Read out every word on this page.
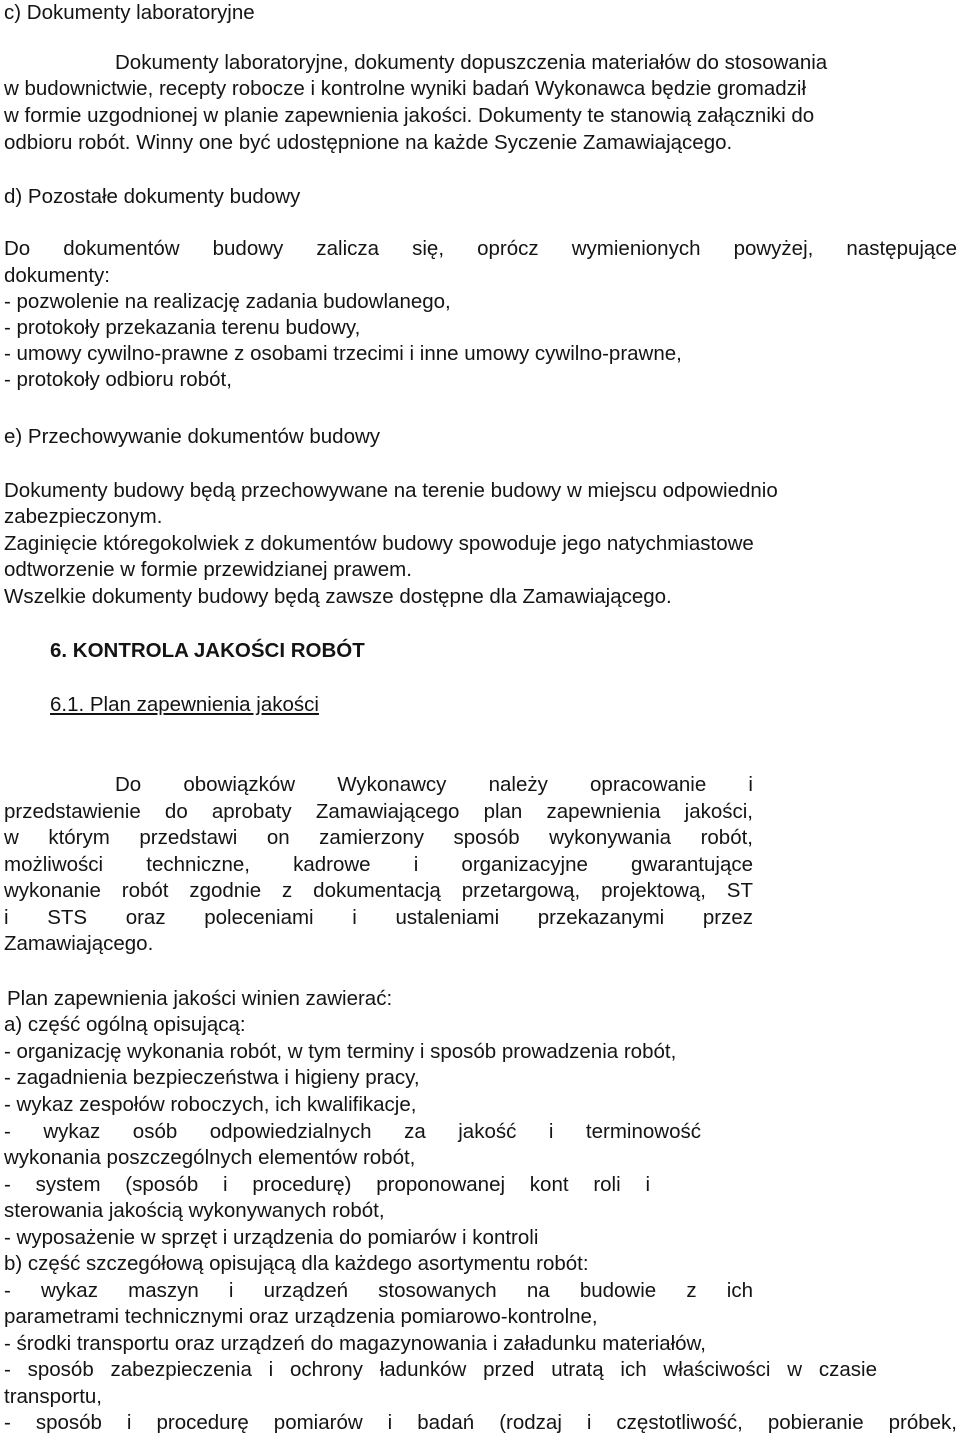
c) Dokumenty laboratoryjne

Dokumenty laboratoryjne, dokumenty dopuszczenia materiałów do stosowania

w budownictwie, recepty robocze i kontrolne wyniki badań Wykonawca będzie gromadził

w formie uzgodnionej w planie zapewnienia jakości. Dokumenty te stanowią załączniki do

odbioru robót. Winny one być udostępnione na każde Syczenie Zamawiającego.

d) Pozostałe dokumenty budowy

Do dokumentów budowy zalicza się, oprócz wymienionych powyżej, następujące

dokumenty:

- pozwolenie na realizację zadania budowlanego,

- protokoły przekazania terenu budowy,

- umowy cywilno-prawne z osobami trzecimi i inne umowy cywilno-prawne,

- protokoły odbioru robót,

e) Przechowywanie dokumentów budowy

Dokumenty budowy będą przechowywane na terenie budowy w miejscu odpowiednio

zabezpieczonym.

Zaginięcie któregokolwiek z dokumentów budowy spowoduje jego natychmiastowe

odtworzenie w formie przewidzianej prawem.

Wszelkie dokumenty budowy będą zawsze dostępne dla Zamawiającego.

6. KONTROLA JAKOŚCI ROBÓT

6.1. Plan zapewnienia jakości

Do obowiązków Wykonawcy należy opracowanie i

przedstawienie do aprobaty Zamawiającego plan zapewnienia jakości,

w którym przedstawi on zamierzony sposób wykonywania robót,

możliwości techniczne, kadrowe i organizacyjne gwarantujące

wykonanie robót zgodnie z dokumentacją przetargową, projektową, ST

i STS oraz poleceniami i ustaleniami przekazanymi przez

Zamawiającego.

Plan zapewnienia jakości winien zawierać:

a) część ogólną opisującą:

- organizację wykonania robót, w tym terminy i sposób prowadzenia robót,

- zagadnienia bezpieczeństwa i higieny pracy,

- wykaz zespołów roboczych, ich kwalifikacje,

- wykaz osób odpowiedzialnych za jakość i terminowość

wykonania poszczególnych elementów robót,

- system (sposób i procedurę) proponowanej kont roli i

sterowania jakością wykonywanych robót,

- wyposażenie w sprzęt i urządzenia do pomiarów i kontroli

b) część szczegółową opisującą dla każdego asortymentu robót:

- wykaz maszyn i urządzeń stosowanych na budowie z ich

parametrami technicznymi oraz urządzenia pomiarowo-kontrolne,

- środki transportu oraz urządzeń do magazynowania i załadunku materiałów,

- sposób zabezpieczenia i ochrony ładunków przed utratą ich właściwości w czasie

transportu,

- sposób i procedurę pomiarów i badań (rodzaj i częstotliwość, pobieranie próbek,
